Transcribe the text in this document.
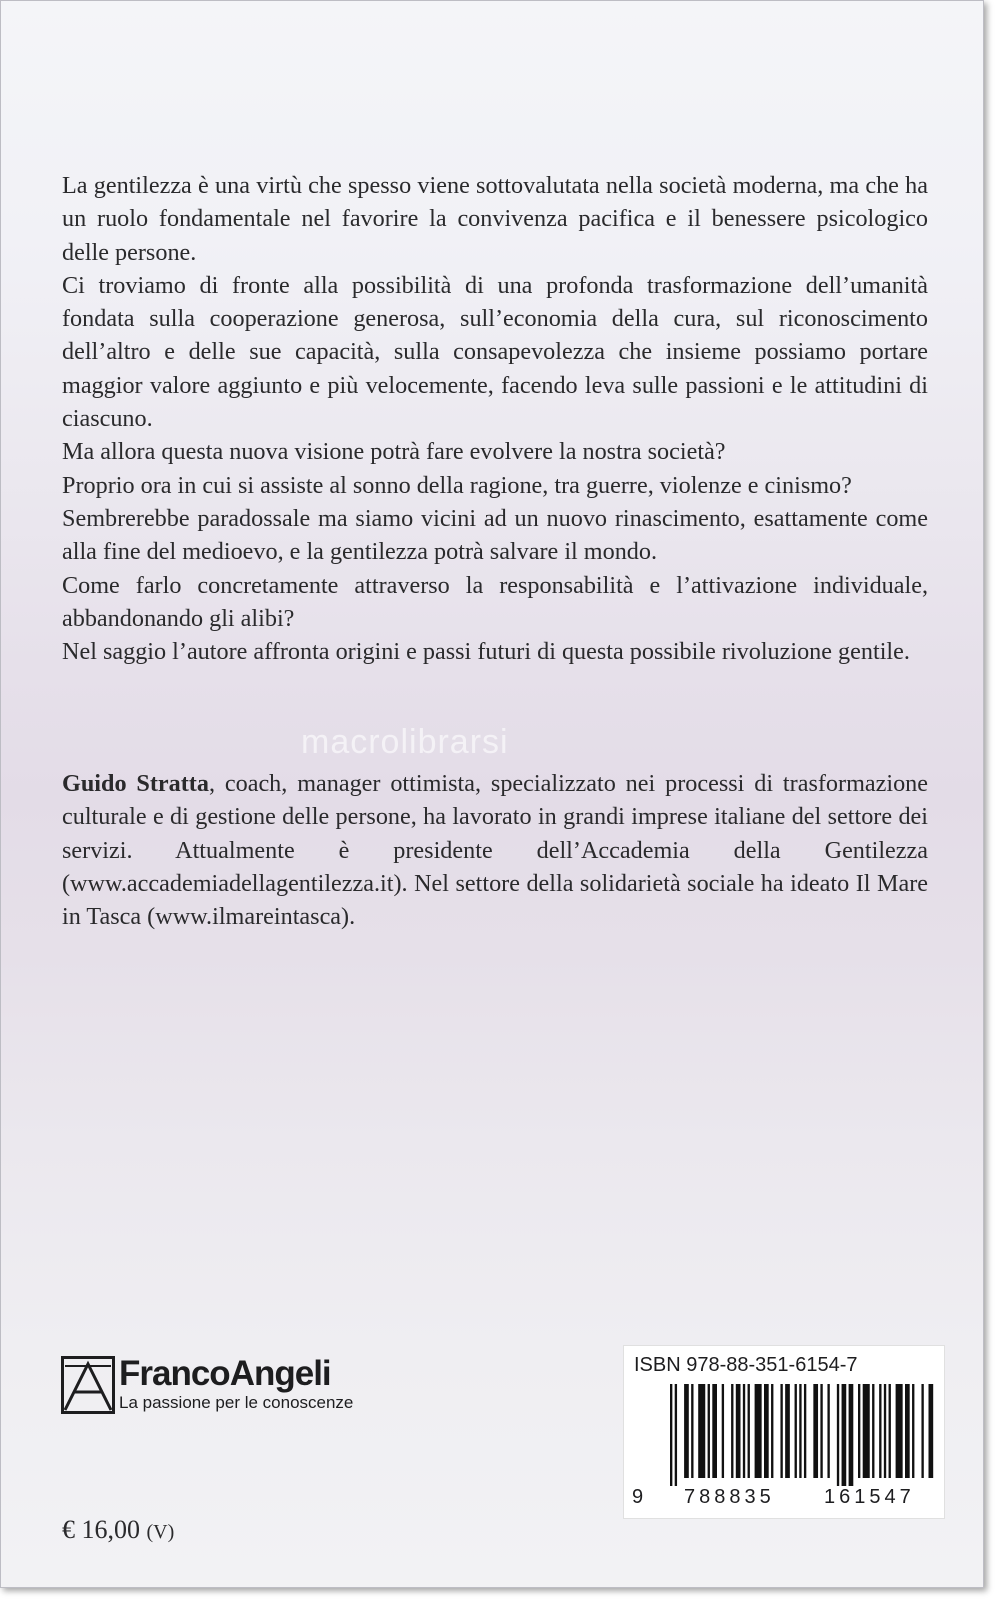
La gentilezza è una virtù che spesso viene sottovalutata nella società moderna, ma che ha un ruolo fondamentale nel favorire la convivenza pacifica e il benessere psicologico delle persone.

Ci troviamo di fronte alla possibilità di una profonda trasformazione dell’umanità fondata sulla cooperazione generosa, sull’economia della cura, sul riconoscimento dell’altro e delle sue capacità, sulla consapevolezza che insieme possiamo portare maggior valore aggiunto e più velocemente, facendo leva sulle passioni e le attitudini di ciascuno.

Ma allora questa nuova visione potrà fare evolvere la nostra società?

Proprio ora in cui si assiste al sonno della ragione, tra guerre, violenze e cinismo?

Sembrerebbe paradossale ma siamo vicini ad un nuovo rinascimento, esattamente come alla fine del medioevo, e la gentilezza potrà salvare il mondo.

Come farlo concretamente attraverso la responsabilità e l’attivazione individuale, abbandonando gli alibi?

Nel saggio l’autore affronta origini e passi futuri di questa possibile rivoluzione gentile.

macrolibrarsi
Guido Stratta, coach, manager ottimista, specializzato nei processi di trasformazione culturale e di gestione delle persone, ha lavorato in grandi imprese italiane del settore dei servizi. Attualmente è presidente dell’Accademia della Gentilezza (www.accademiadellagentilezza.it). Nel settore della solidarietà sociale ha ideato Il Mare in Tasca (www.ilmareintasca).
FrancoAngeli
La passione per le conoscenze
€ 16,00 (V)
ISBN 978-88-351-6154-7
9 788835 161547
